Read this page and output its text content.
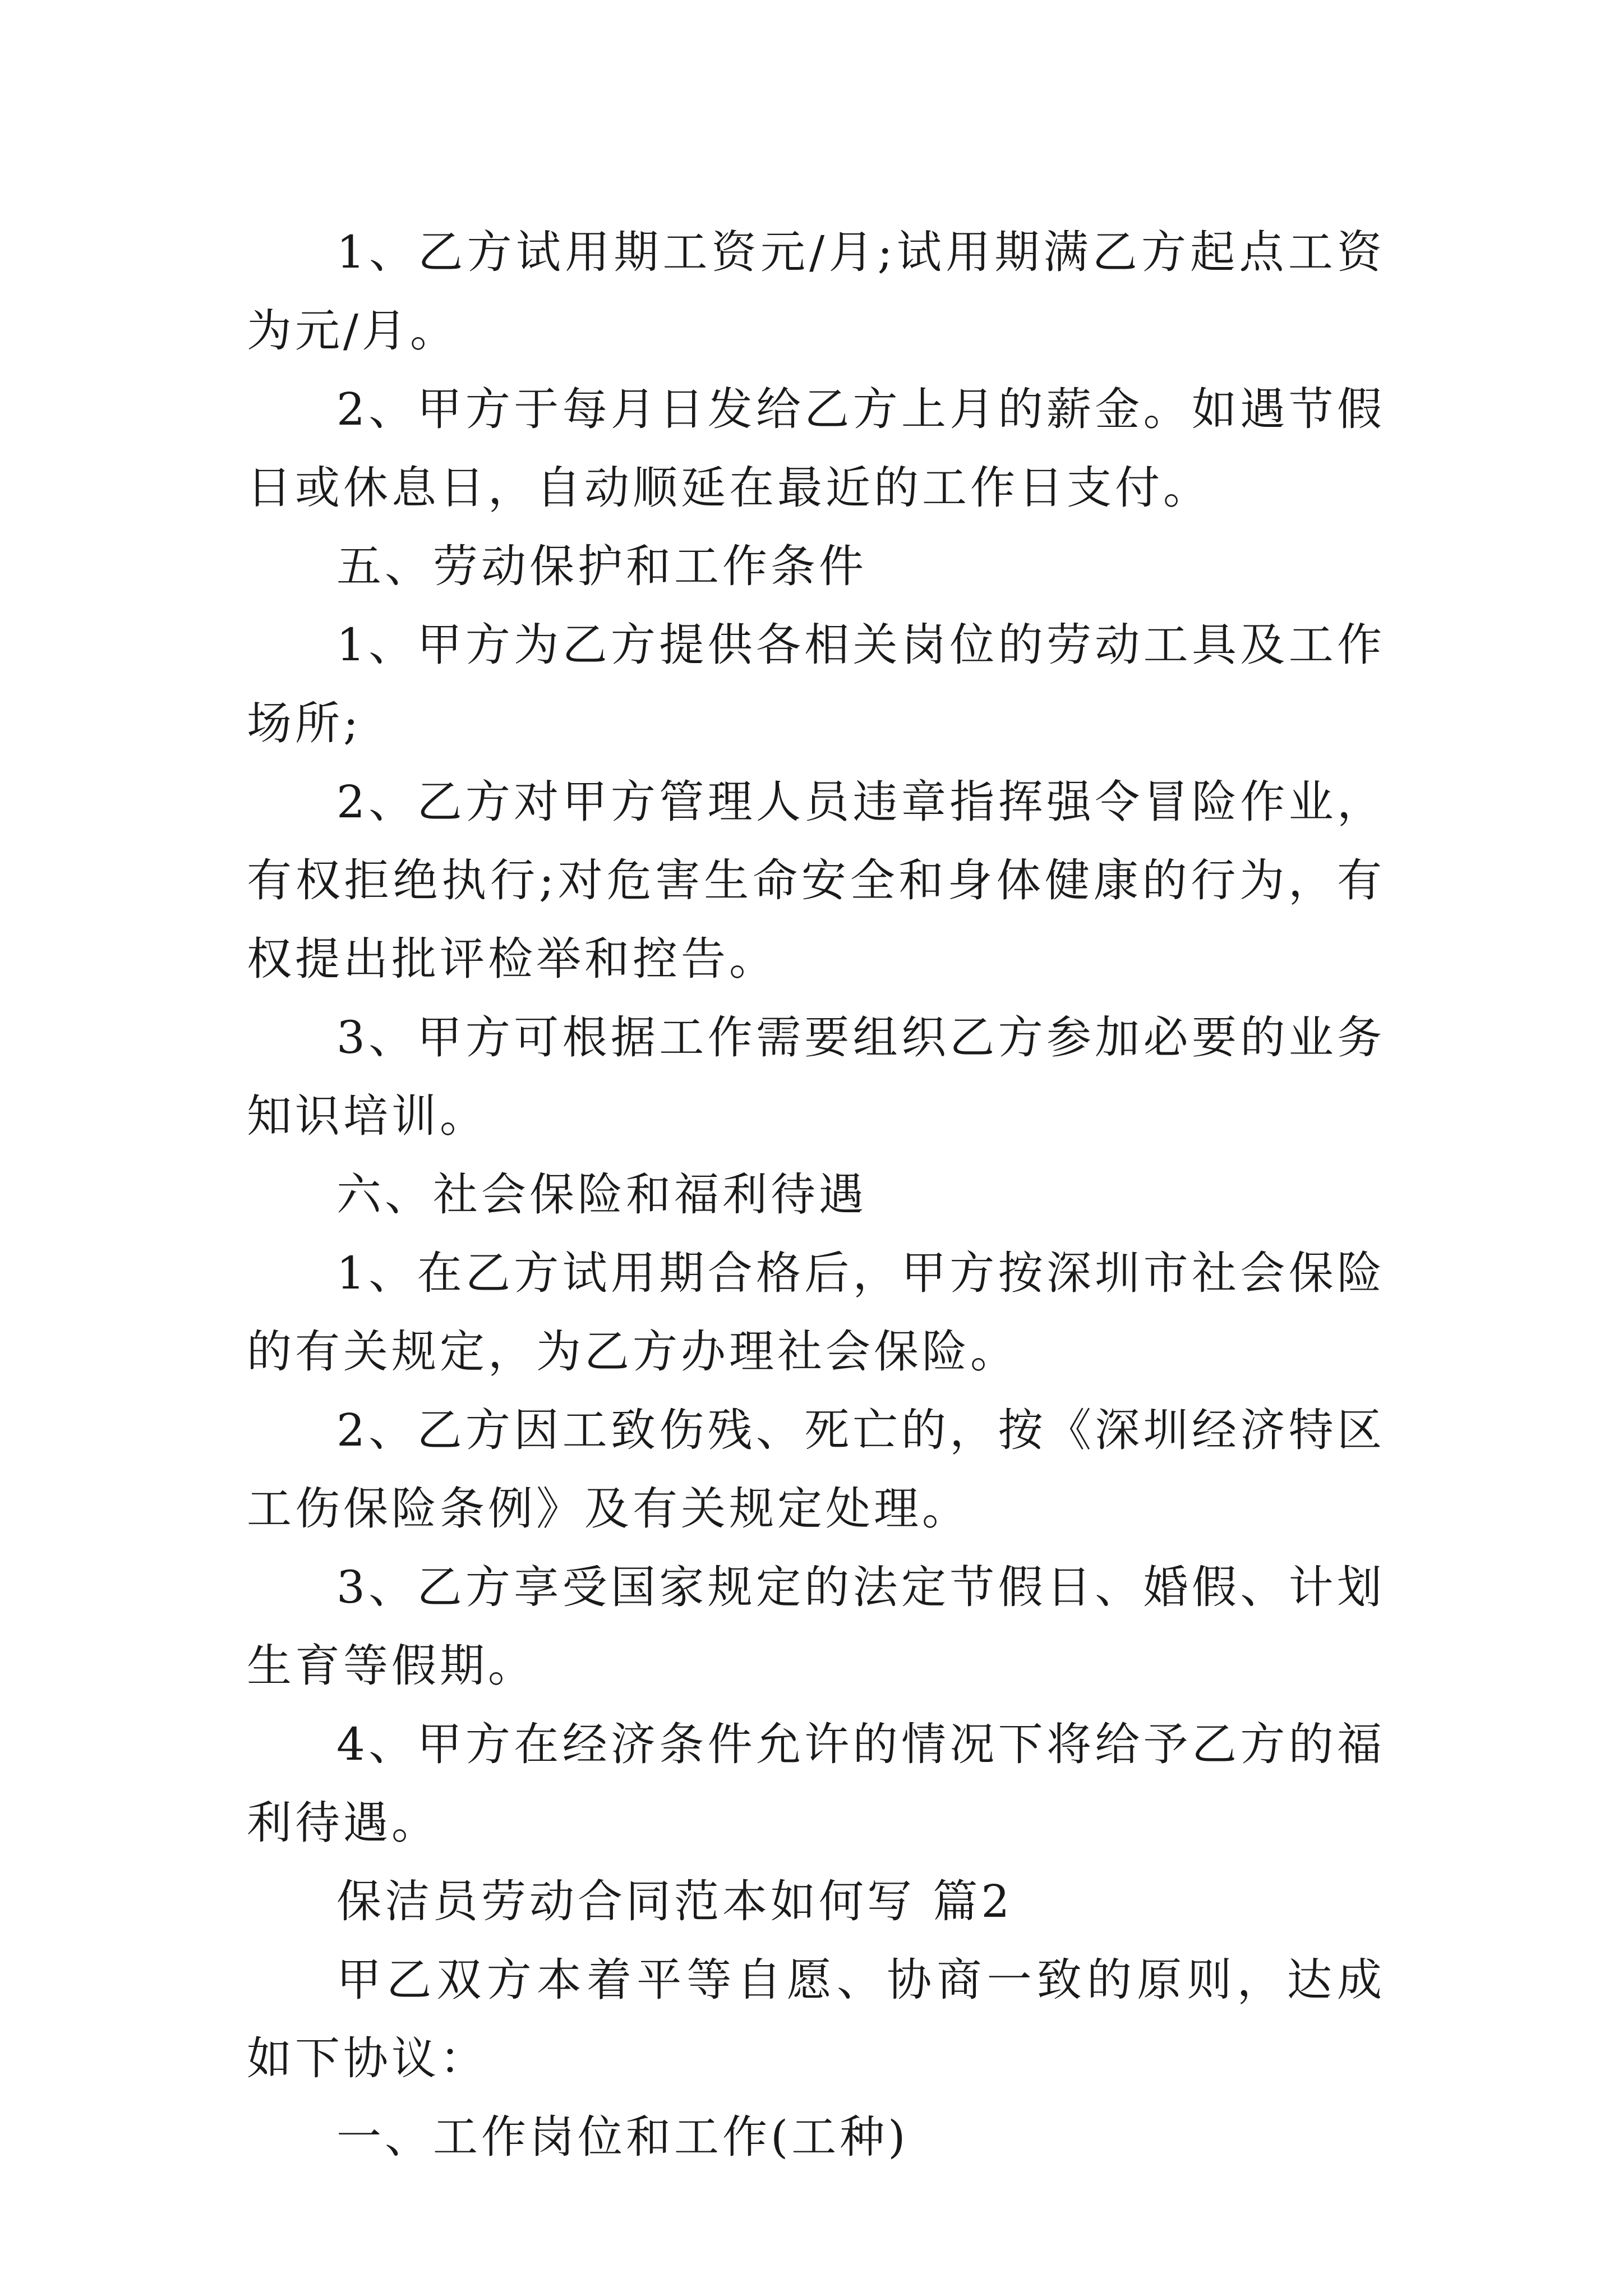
1、乙方试用期工资元/月;试用期满乙方起点工资为元/月。

2、甲方于每月日发给乙方上月的薪金。如遇节假日或休息日，自动顺延在最近的工作日支付。

五、劳动保护和工作条件

1、甲方为乙方提供各相关岗位的劳动工具及工作场所;

2、乙方对甲方管理人员违章指挥强令冒险作业，有权拒绝执行;对危害生命安全和身体健康的行为，有权提出批评检举和控告。

3、甲方可根据工作需要组织乙方参加必要的业务知识培训。

六、社会保险和福利待遇

1、在乙方试用期合格后，甲方按深圳市社会保险的有关规定，为乙方办理社会保险。

2、乙方因工致伤残、死亡的，按《深圳经济特区工伤保险条例》及有关规定处理。

3、乙方享受国家规定的法定节假日、婚假、计划生育等假期。

4、甲方在经济条件允许的情况下将给予乙方的福利待遇。

保洁员劳动合同范本如何写 篇2

甲乙双方本着平等自愿、协商一致的原则，达成如下协议：

一、工作岗位和工作(工种)
